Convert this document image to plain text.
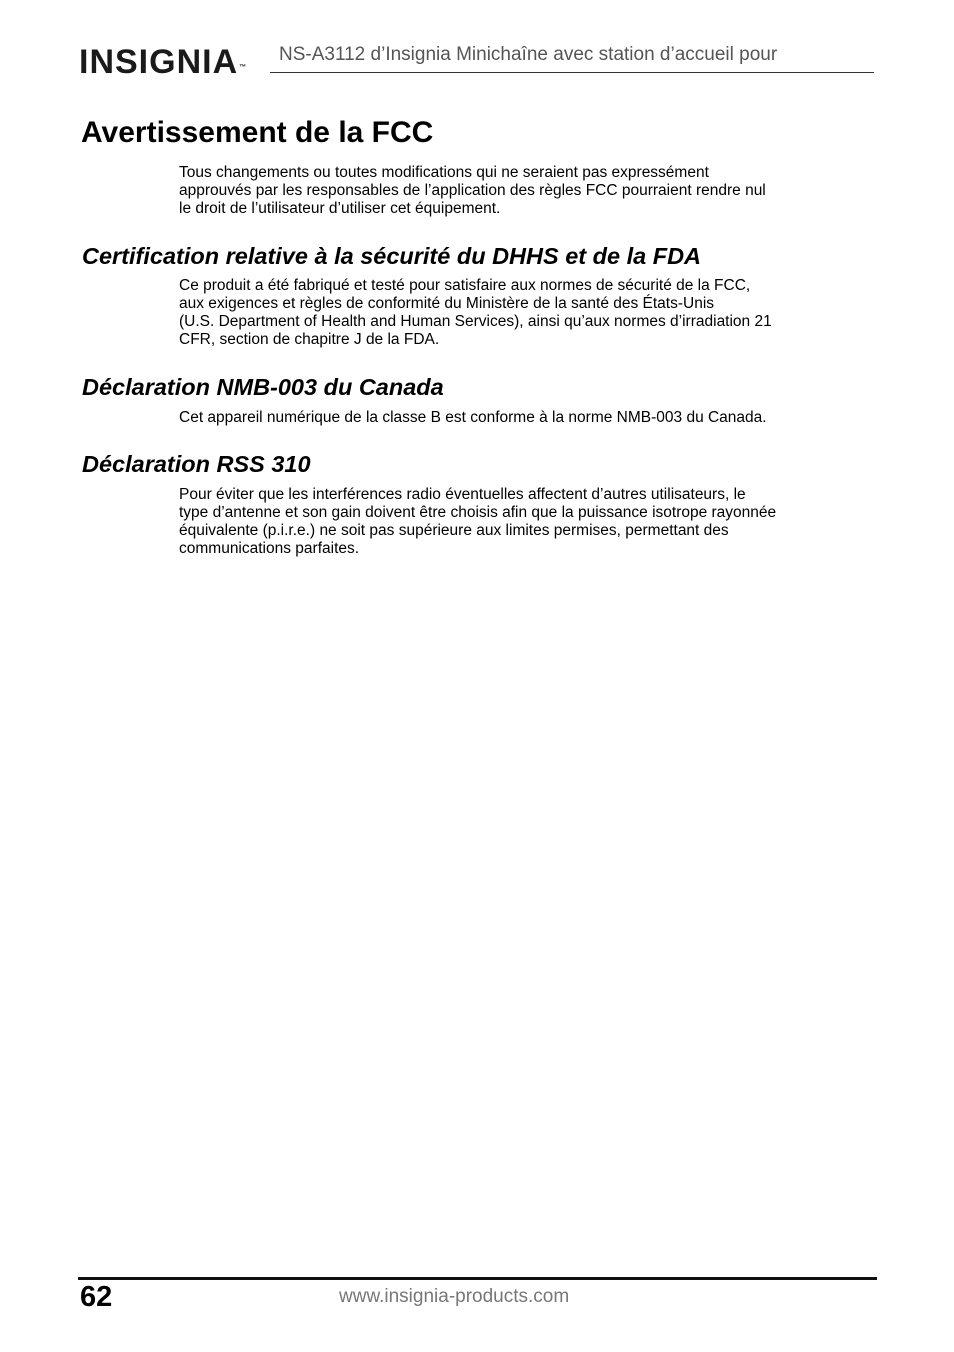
INSIGNIA™
NS-A3112 d’Insignia Minichaîne avec station d’accueil pour
Avertissement de la FCC
Tous changements ou toutes modifications qui ne seraient pas expressément
approuvés par les responsables de l’application des règles FCC pourraient rendre nul
le droit de l’utilisateur d’utiliser cet équipement.
Certification relative à la sécurité du DHHS et de la FDA
Ce produit a été fabriqué et testé pour satisfaire aux normes de sécurité de la FCC,
aux exigences et règles de conformité du Ministère de la santé des États-Unis
(U.S. Department of Health and Human Services), ainsi qu’aux normes d’irradiation 21
CFR, section de chapitre J de la FDA.
Déclaration NMB-003 du Canada
Cet appareil numérique de la classe B est conforme à la norme NMB-003 du Canada.
Déclaration RSS 310
Pour éviter que les interférences radio éventuelles affectent d’autres utilisateurs, le
type d’antenne et son gain doivent être choisis afin que la puissance isotrope rayonnée
équivalente (p.i.r.e.) ne soit pas supérieure aux limites permises, permettant des
communications parfaites.
62	www.insignia-products.com
